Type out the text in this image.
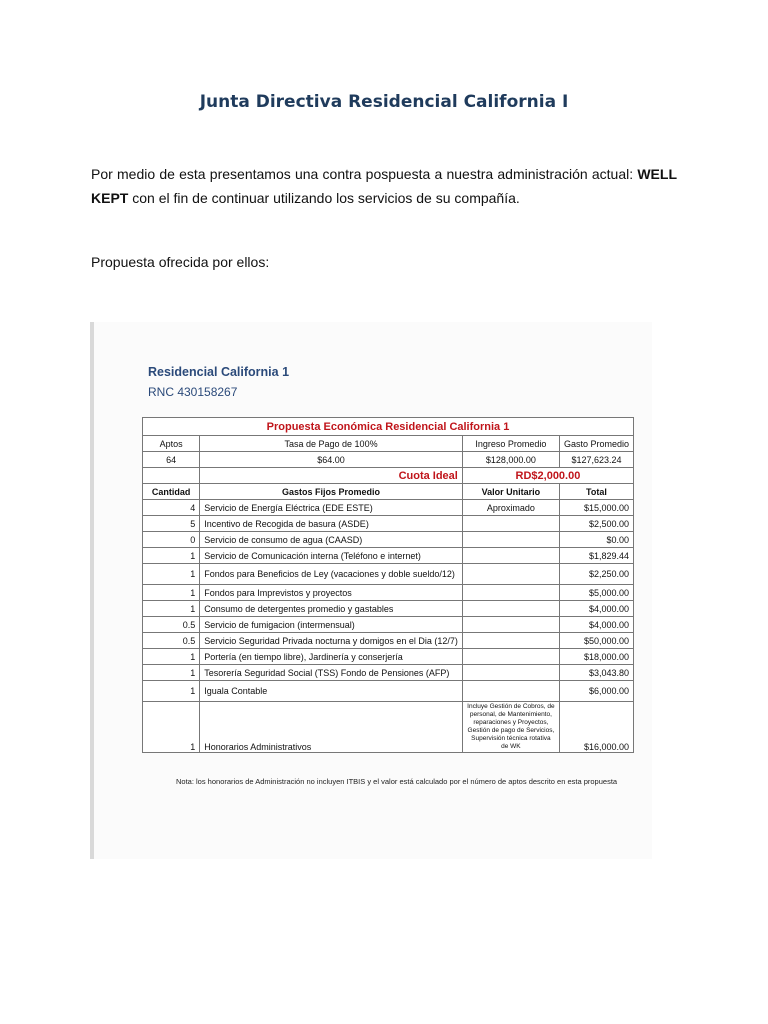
Junta Directiva Residencial California I

Por medio de esta presentamos una contra pospuesta a nuestra administración actual: WELL KEPT con el fin de continuar utilizando los servicios de su compañía.

Propuesta ofrecida por ellos:

Residencial California 1
RNC 430158267
Propuesta Económica Residencial California 1			
Aptos	Tasa de Pago de 100%	Ingreso Promedio	Gasto Promedio
64	$64.00	$128,000.00	$127,623.24
	Cuota Ideal	RD$2,000.00	
Cantidad	Gastos Fijos Promedio	Valor Unitario	Total
4	Servicio de Energía Eléctrica (EDE ESTE)	Aproximado	$15,000.00
5	Incentivo de Recogida de basura (ASDE)		$2,500.00
0	Servicio de consumo de agua (CAASD)		$0.00
1	Servicio de Comunicación interna (Teléfono e internet)		$1,829.44
1	Fondos para Beneficios de Ley (vacaciones y doble sueldo/12)		$2,250.00
1	Fondos para Imprevistos y proyectos		$5,000.00
1	Consumo de detergentes promedio y gastables		$4,000.00
0.5	Servicio de fumigacion (intermensual)		$4,000.00
0.5	Servicio Seguridad Privada nocturna y domigos en el Dia (12/7)		$50,000.00
1	Portería (en tiempo libre), Jardinería y conserjería		$18,000.00
1	Tesorería Seguridad Social (TSS) Fondo de Pensiones (AFP)		$3,043.80
1	Iguala Contable		$6,000.00
1	Honorarios Administrativos	Incluye Gestión de Cobros, de personal, de Mantenimiento, reparaciones y Proyectos, Gestión de pago de Servicios, Supervisión técnica rotativa de WK	$16,000.00
Nota: los honorarios de Administración no incluyen ITBIS y el valor está calculado por el número de aptos descrito en esta propuesta
